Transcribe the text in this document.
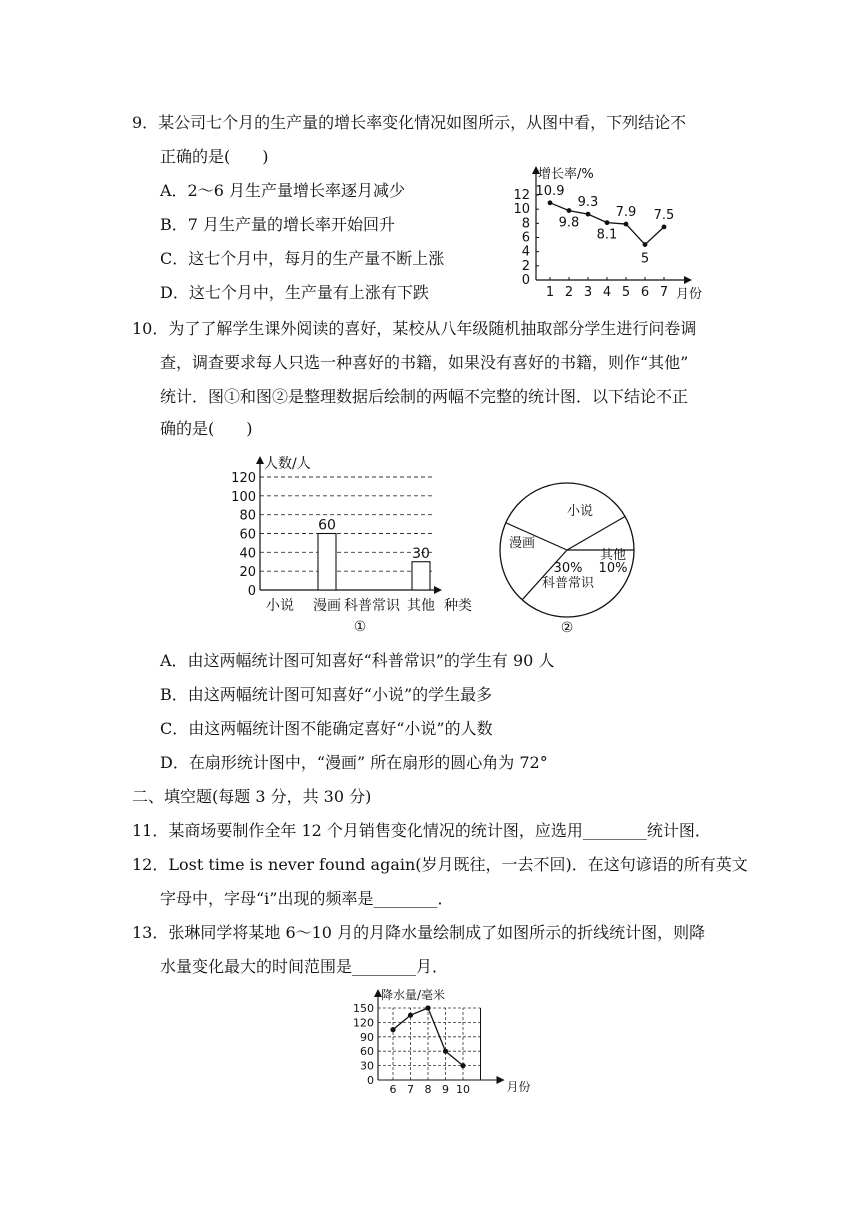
9．某公司七个月的生产量的增长率变化情况如图所示，从图中看，下列结论不
正确的是(　　)
A．2～6 月生产量增长率逐月减少
B．7 月生产量的增长率开始回升
C．这七个月中，每月的生产量不断上涨
D．这七个月中，生产量有上涨有下跌
增长率/%
月份
0
2
4
6
8
10
12
1 2 3 4 5 6 7
10.9
9.8
9.3
8.1
7.9
5
7.5
10．为了了解学生课外阅读的喜好，某校从八年级随机抽取部分学生进行问卷调
查，调查要求每人只选一种喜好的书籍，如果没有喜好的书籍，则作“其他”
统计．图①和图②是整理数据后绘制的两幅不完整的统计图．以下结论不正
确的是(　　)
0
20
40
60
80
100
120
人数/人
种类
小说 漫画 科普常识 其他
①
60
30
小说
漫画
科普常识
其他
30% 10%
②
A．由这两幅统计图可知喜好“科普常识”的学生有 90 人
B．由这两幅统计图可知喜好“小说”的学生最多
C．由这两幅统计图不能确定喜好“小说”的人数
D．在扇形统计图中，“漫画” 所在扇形的圆心角为 72°
二、填空题(每题 3 分，共 30 分)
11．某商场要制作全年 12 个月销售变化情况的统计图，应选用________统计图．
12．Lost time is never found again(岁月既往，一去不回)．在这句谚语的所有英文
字母中，字母“i”出现的频率是________．
13．张琳同学将某地 6～10 月的月降水量绘制成了如图所示的折线统计图，则降
水量变化最大的时间范围是________月．
0
30
60
90
120
150
6 7 8 9 10
降水量/毫米
月份
